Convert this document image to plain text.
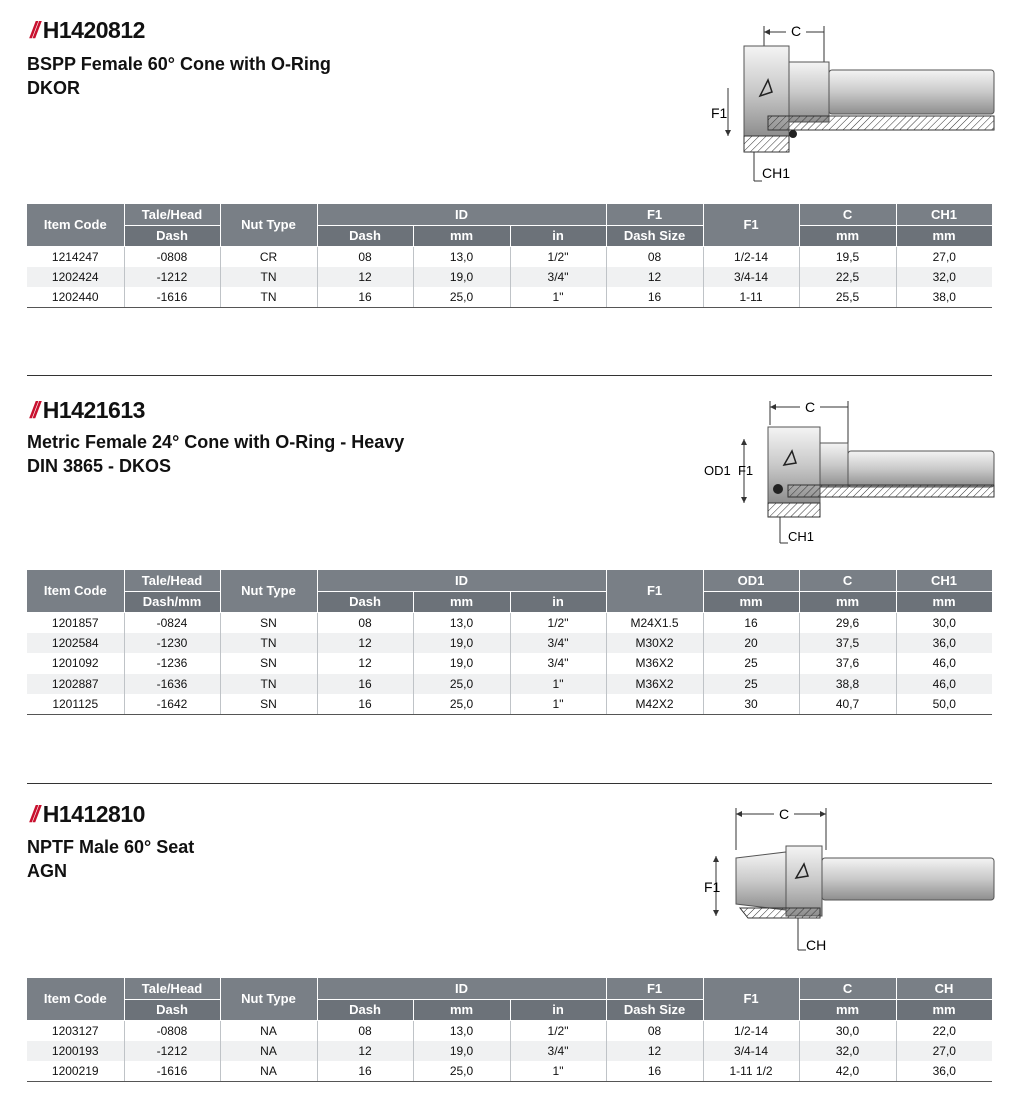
// H1420812
BSPP Female 60° Cone with O-Ring
DKOR
C
F1
CH1
Item Code	Tale/Head	Nut Type	ID			F1	F1	C	CH1
	Dash		Dash	mm	in	Dash Size		mm	mm
1214247	-0808	CR	08	13,0	1/2"	08	1/2-14	19,5	27,0
1202424	-1212	TN	12	19,0	3/4"	12	3/4-14	22,5	32,0
1202440	-1616	TN	16	25,0	1"	16	1-11	25,5	38,0
// H1421613
Metric Female 24° Cone with O-Ring - Heavy
DIN 3865 - DKOS
C
OD1  F1
CH1
Item Code	Tale/Head	Nut Type	ID			F1	OD1	C	CH1
	Dash/mm		Dash	mm	in		mm	mm	mm
1201857	-0824	SN	08	13,0	1/2"	M24X1.5	16	29,6	30,0
1202584	-1230	TN	12	19,0	3/4"	M30X2	20	37,5	36,0
1201092	-1236	SN	12	19,0	3/4"	M36X2	25	37,6	46,0
1202887	-1636	TN	16	25,0	1"	M36X2	25	38,8	46,0
1201125	-1642	SN	16	25,0	1"	M42X2	30	40,7	50,0
// H1412810
NPTF Male 60° Seat
AGN
C
F1
CH
Item Code	Tale/Head	Nut Type	ID			F1	F1	C	CH
	Dash		Dash	mm	in	Dash Size		mm	mm
1203127	-0808	NA	08	13,0	1/2"	08	1/2-14	30,0	22,0
1200193	-1212	NA	12	19,0	3/4"	12	3/4-14	32,0	27,0
1200219	-1616	NA	16	25,0	1"	16	1-11 1/2	42,0	36,0
